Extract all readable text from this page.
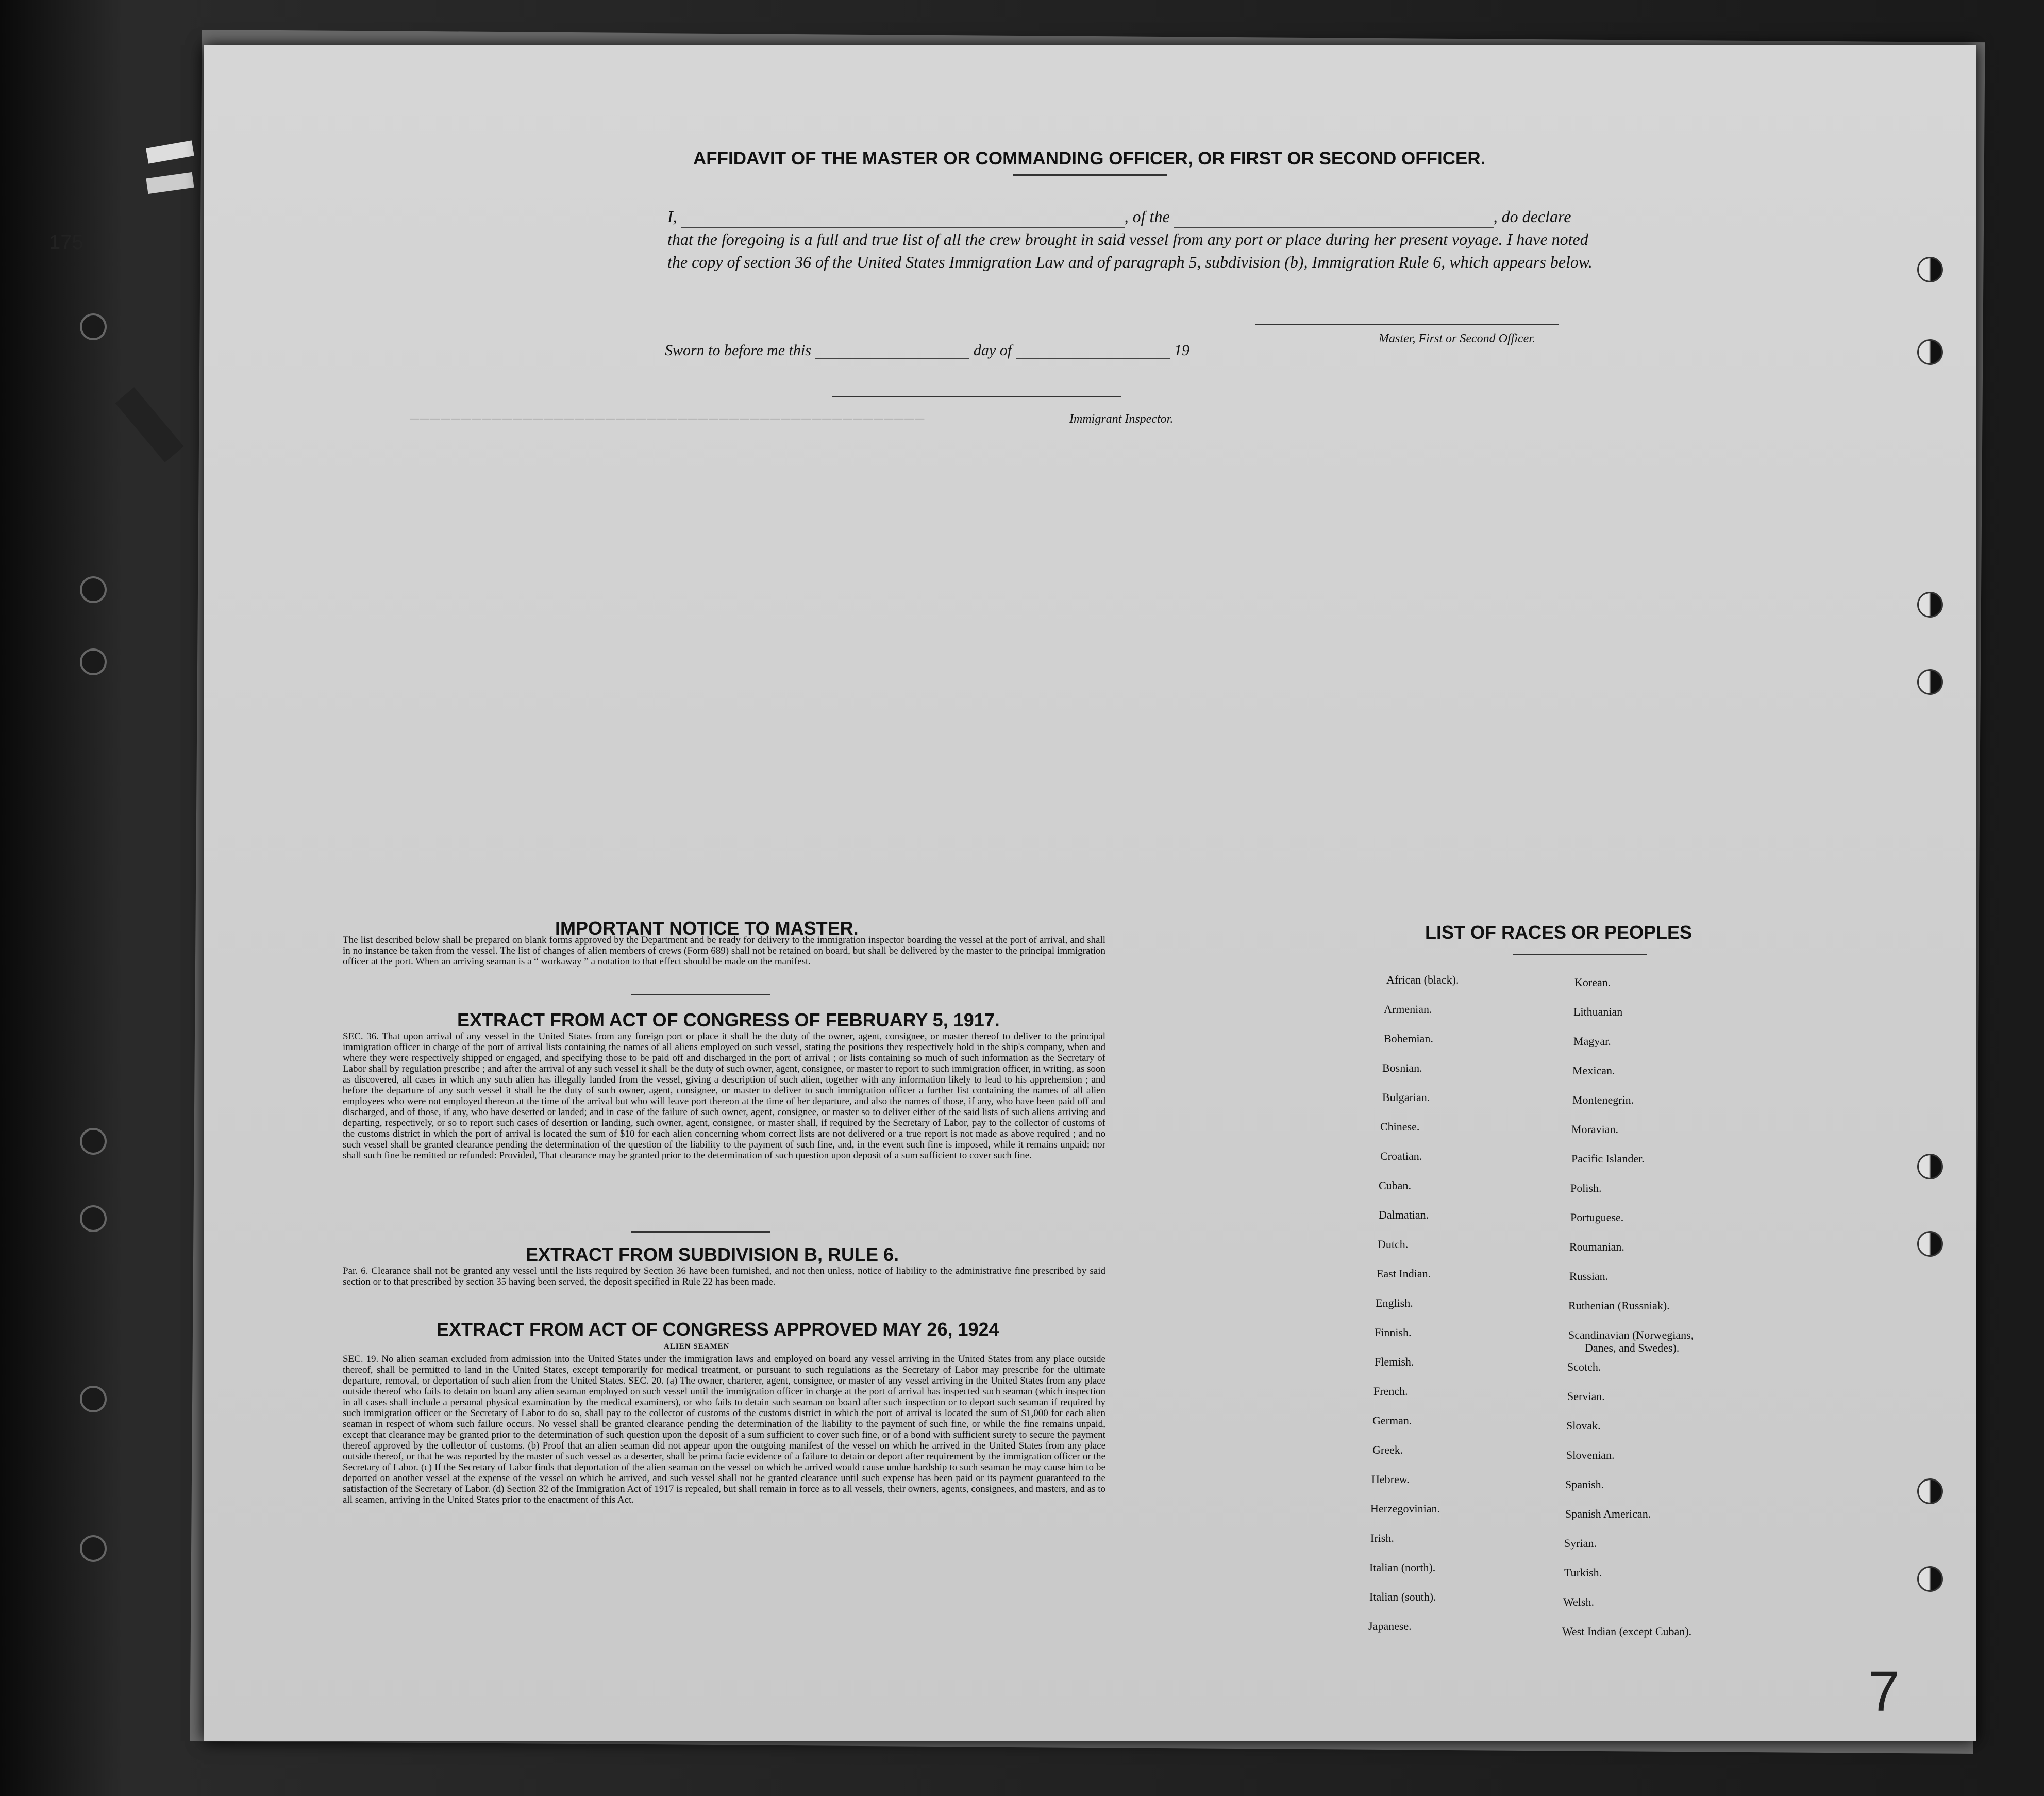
──────────────────────────────────────────────────
AFFIDAVIT OF THE MASTER OR COMMANDING OFFICER, OR FIRST OR SECOND OFFICER.
I,	, of the	, do declare
that the foregoing is a full and true list of all the crew brought in said vessel from any port or place during her present voyage. I have noted the copy of section 36 of the United States Immigration Law and of paragraph 5, subdivision (b), Immigration Rule 6, which appears below.
Master, First or Second Officer.
Sworn to before me this	day of	19
Immigrant Inspector.
IMPORTANT NOTICE TO MASTER.
The list described below shall be prepared on blank forms approved by the Department and be ready for delivery to the immigration inspector boarding the vessel at the port of arrival, and shall in no instance be taken from the vessel. The list of changes of alien members of crews (Form 689) shall not be retained on board, but shall be delivered by the master to the principal immigration officer at the port. When an arriving seaman is a “ workaway ” a notation to that effect should be made on the manifest.
EXTRACT FROM ACT OF CONGRESS OF FEBRUARY 5, 1917.
SEC. 36. That upon arrival of any vessel in the United States from any foreign port or place it shall be the duty of the owner, agent, consignee, or master thereof to deliver to the principal immigration officer in charge of the port of arrival lists containing the names of all aliens employed on such vessel, stating the positions they respectively hold in the ship's company, when and where they were respectively shipped or engaged, and specifying those to be paid off and discharged in the port of arrival ; or lists containing so much of such information as the Secretary of Labor shall by regulation prescribe ; and after the arrival of any such vessel it shall be the duty of such owner, agent, consignee, or master to report to such immigration officer, in writing, as soon as discovered, all cases in which any such alien has illegally landed from the vessel, giving a description of such alien, together with any information likely to lead to his apprehension ; and before the departure of any such vessel it shall be the duty of such owner, agent, consignee, or master to deliver to such immigration officer a further list containing the names of all alien employees who were not employed thereon at the time of the arrival but who will leave port thereon at the time of her departure, and also the names of those, if any, who have been paid off and discharged, and of those, if any, who have deserted or landed; and in case of the failure of such owner, agent, consignee, or master so to deliver either of the said lists of such aliens arriving and departing, respectively, or so to report such cases of desertion or landing, such owner, agent, consignee, or master shall, if required by the Secretary of Labor, pay to the collector of customs of the customs district in which the port of arrival is located the sum of $10 for each alien concerning whom correct lists are not delivered or a true report is not made as above required ; and no such vessel shall be granted clearance pending the determination of the question of the liability to the payment of such fine, and, in the event such fine is imposed, while it remains unpaid; nor shall such fine be remitted or refunded: Provided, That clearance may be granted prior to the determination of such question upon deposit of a sum sufficient to cover such fine.
EXTRACT FROM SUBDIVISION B, RULE 6.
Par. 6. Clearance shall not be granted any vessel until the lists required by Section 36 have been furnished, and not then unless, notice of liability to the administrative fine prescribed by said section or to that prescribed by section 35 having been served, the deposit specified in Rule 22 has been made.
EXTRACT FROM ACT OF CONGRESS APPROVED MAY 26, 1924
ALIEN SEAMEN
SEC. 19. No alien seaman excluded from admission into the United States under the immigration laws and employed on board any vessel arriving in the United States from any place outside thereof, shall be permitted to land in the United States, except temporarily for medical treatment, or pursuant to such regulations as the Secretary of Labor may prescribe for the ultimate departure, removal, or deportation of such alien from the United States. SEC. 20. (a) The owner, charterer, agent, consignee, or master of any vessel arriving in the United States from any place outside thereof who fails to detain on board any alien seaman employed on such vessel until the immigration officer in charge at the port of arrival has inspected such seaman (which inspection in all cases shall include a personal physical examination by the medical examiners), or who fails to detain such seaman on board after such inspection or to deport such seaman if required by such immigration officer or the Secretary of Labor to do so, shall pay to the collector of customs of the customs district in which the port of arrival is located the sum of $1,000 for each alien seaman in respect of whom such failure occurs. No vessel shall be granted clearance pending the determination of the liability to the payment of such fine, or while the fine remains unpaid, except that clearance may be granted prior to the determination of such question upon the deposit of a sum sufficient to cover such fine, or of a bond with sufficient surety to secure the payment thereof approved by the collector of customs. (b) Proof that an alien seaman did not appear upon the outgoing manifest of the vessel on which he arrived in the United States from any place outside thereof, or that he was reported by the master of such vessel as a deserter, shall be prima facie evidence of a failure to detain or deport after requirement by the immigration officer or the Secretary of Labor. (c) If the Secretary of Labor finds that deportation of the alien seaman on the vessel on which he arrived would cause undue hardship to such seaman he may cause him to be deported on another vessel at the expense of the vessel on which he arrived, and such vessel shall not be granted clearance until such expense has been paid or its payment guaranteed to the satisfaction of the Secretary of Labor. (d) Section 32 of the Immigration Act of 1917 is repealed, but shall remain in force as to all vessels, their owners, agents, consignees, and masters, and as to all seamen, arriving in the United States prior to the enactment of this Act.
LIST OF RACES OR PEOPLES
African (black).
Armenian.
Bohemian.
Bosnian.
Bulgarian.
Chinese.
Croatian.
Cuban.
Dalmatian.
Dutch.
East Indian.
English.
Finnish.
Flemish.
French.
German.
Greek.
Hebrew.
Herzegovinian.
Irish.
Italian (north).
Italian (south).
Japanese.
Korean.
Lithuanian
Magyar.
Mexican.
Montenegrin.
Moravian.
Pacific Islander.
Polish.
Portuguese.
Roumanian.
Russian.
Ruthenian (Russniak).
Scandinavian (Norwegians,
Danes, and Swedes).
Scotch.
Servian.
Slovak.
Slovenian.
Spanish.
Spanish American.
Syrian.
Turkish.
Welsh.
West Indian (except Cuban).
175
7
